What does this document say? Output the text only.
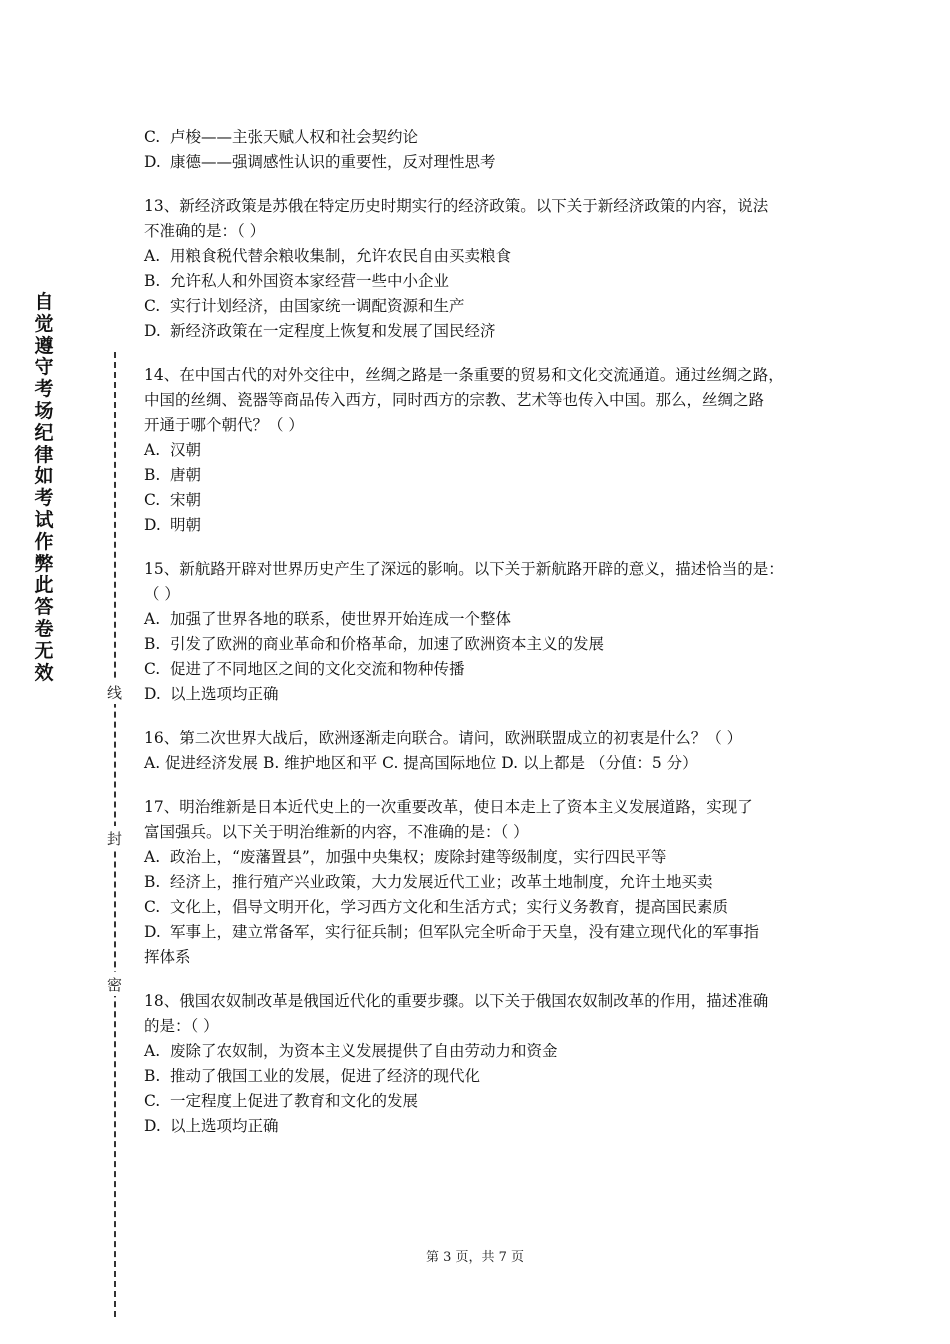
自觉遵守考场纪律如考试作弊此答卷无效
线
封
密
C. 卢梭——主张天赋人权和社会契约论
D. 康德——强调感性认识的重要性，反对理性思考
13、新经济政策是苏俄在特定历史时期实行的经济政策。以下关于新经济政策的内容，说法
不准确的是：（ ）
A. 用粮食税代替余粮收集制，允许农民自由买卖粮食
B. 允许私人和外国资本家经营一些中小企业
C. 实行计划经济，由国家统一调配资源和生产
D. 新经济政策在一定程度上恢复和发展了国民经济
14、在中国古代的对外交往中，丝绸之路是一条重要的贸易和文化交流通道。通过丝绸之路，
中国的丝绸、瓷器等商品传入西方，同时西方的宗教、艺术等也传入中国。那么，丝绸之路
开通于哪个朝代？（ ）
A. 汉朝
B. 唐朝
C. 宋朝
D. 明朝
15、新航路开辟对世界历史产生了深远的影响。以下关于新航路开辟的意义，描述恰当的是：
（ ）
A. 加强了世界各地的联系，使世界开始连成一个整体
B. 引发了欧洲的商业革命和价格革命，加速了欧洲资本主义的发展
C. 促进了不同地区之间的文化交流和物种传播
D. 以上选项均正确
16、第二次世界大战后，欧洲逐渐走向联合。请问，欧洲联盟成立的初衷是什么？（ ）
A. 促进经济发展 B. 维护地区和平 C. 提高国际地位 D. 以上都是 （分值：5 分）
17、明治维新是日本近代史上的一次重要改革，使日本走上了资本主义发展道路，实现了
富国强兵。以下关于明治维新的内容，不准确的是：（ ）
A. 政治上，“废藩置县”，加强中央集权；废除封建等级制度，实行四民平等
B. 经济上，推行殖产兴业政策，大力发展近代工业；改革土地制度，允许土地买卖
C. 文化上，倡导文明开化，学习西方文化和生活方式；实行义务教育，提高国民素质
D. 军事上，建立常备军，实行征兵制；但军队完全听命于天皇，没有建立现代化的军事指
挥体系
18、俄国农奴制改革是俄国近代化的重要步骤。以下关于俄国农奴制改革的作用，描述准确
的是：（ ）
A. 废除了农奴制，为资本主义发展提供了自由劳动力和资金
B. 推动了俄国工业的发展，促进了经济的现代化
C. 一定程度上促进了教育和文化的发展
D. 以上选项均正确
第 3 页，共 7 页
